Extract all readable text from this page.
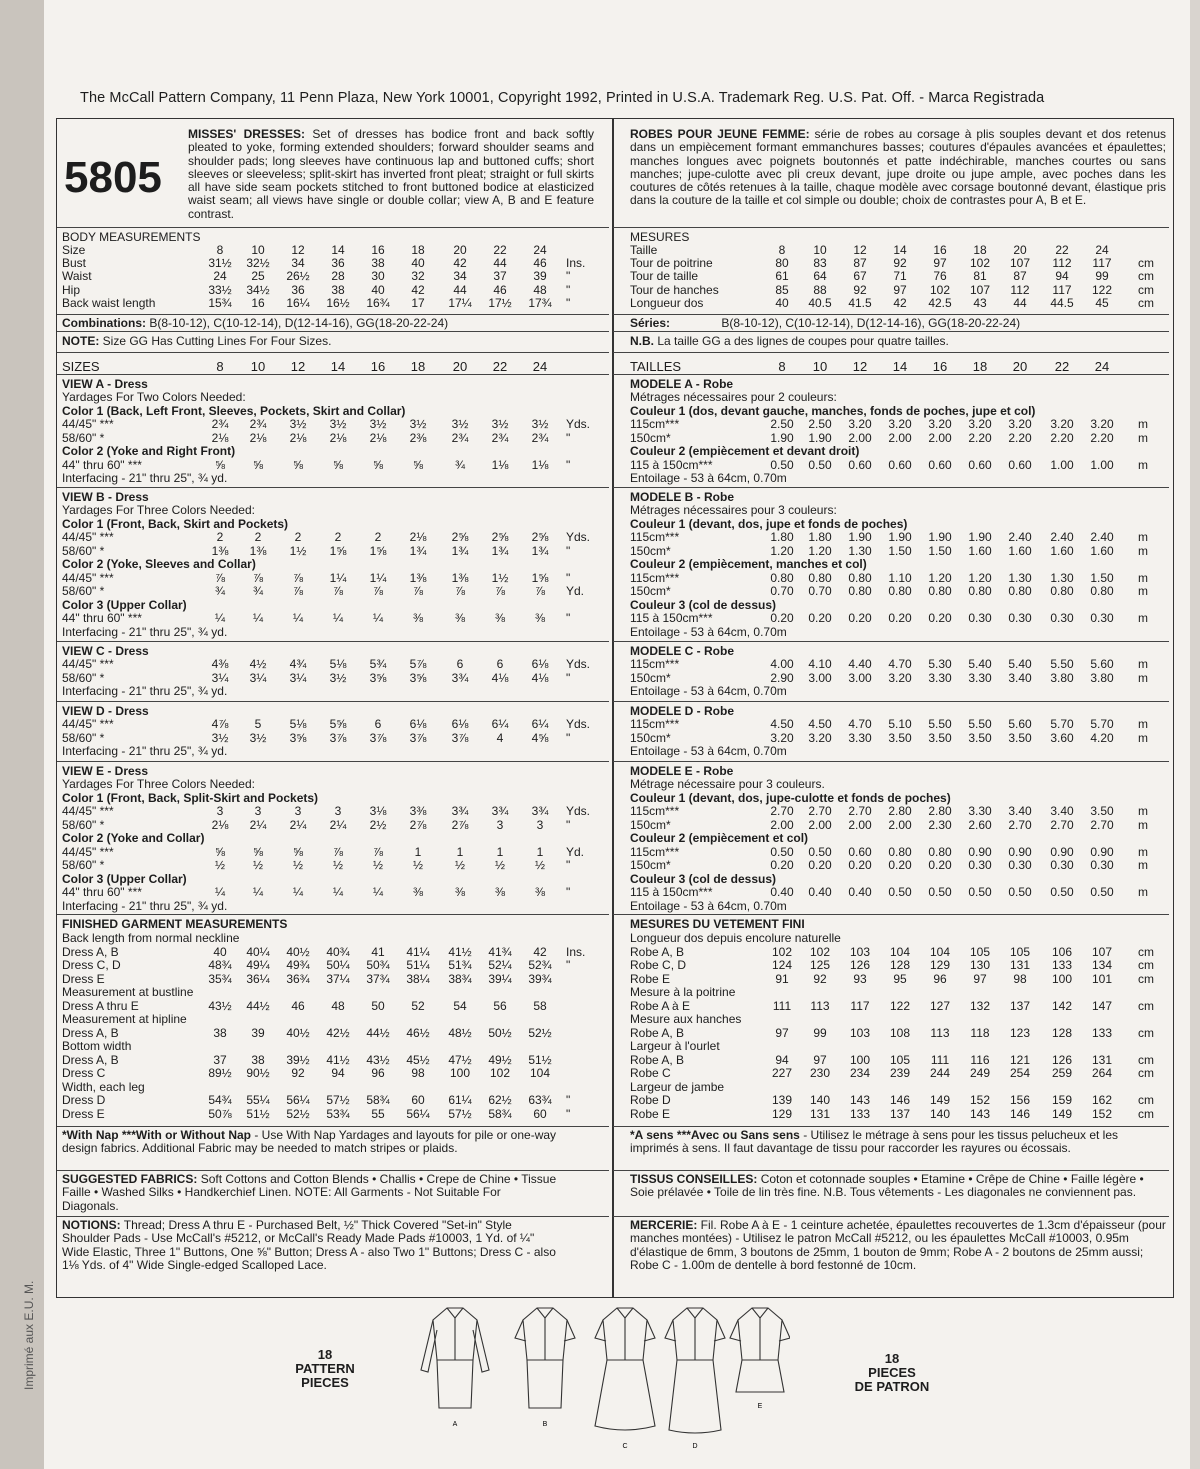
Imprimé aux E.U. M.
The McCall Pattern Company, 11 Penn Plaza, New York 10001, Copyright 1992, Printed in U.S.A. Trademark Reg. U.S. Pat. Off. - Marca Registrada
5805
A	B
C	D
E
18
PATTERN
PIECES
18
PIECES
DE PATRON
MISSES' DRESSES: Set of dresses has bodice front and back softly pleated to yoke, forming extended shoulders; forward shoulder seams and shoulder pads; long sleeves have continuous lap and buttoned cuffs; short sleeves or sleeveless; split-skirt has inverted front pleat; straight or full skirts all have side seam pockets stitched to front buttoned bodice at elasticized waist seam; all views have single or double collar; view A, B and E feature contrast.
BODY MEASUREMENTS
Size	8	10	12	14	16	18	20	22	24
Bust	31½	32½	34	36	38	40	42	44	46	Ins.
Waist	24	25	26½	28	30	32	34	37	39	"
Hip	33½	34½	36	38	40	42	44	46	48	"
Back waist length	15¾	16	16¼	16½	16¾	17	17¼	17½	17¾	"
Combinations: B(8-10-12), C(10-12-14), D(12-14-16), GG(18-20-22-24)
NOTE: Size GG Has Cutting Lines For Four Sizes.
SIZES	8	10	12	14	16	18	20	22	24
VIEW A - Dress
Yardages For Two Colors Needed:
Color 1 (Back, Left Front, Sleeves, Pockets, Skirt and Collar)
44/45" ***	2¾	2¾	3½	3½	3½	3½	3½	3½	3½	Yds.
58/60" *	2⅛	2⅛	2⅛	2⅛	2⅛	2⅜	2¾	2¾	2¾	"
Color 2 (Yoke and Right Front)
44" thru 60" ***	⅝	⅝	⅝	⅝	⅝	⅝	¾	1⅛	1⅛	"
Interfacing - 21" thru 25", ¾ yd.
VIEW B - Dress
Yardages For Three Colors Needed:
Color 1 (Front, Back, Skirt and Pockets)
44/45" ***	2	2	2	2	2	2⅛	2⅝	2⅝	2⅝	Yds.
58/60" *	1⅜	1⅜	1½	1⅝	1⅝	1¾	1¾	1¾	1¾	"
Color 2 (Yoke, Sleeves and Collar)
44/45" ***	⅞	⅞	⅞	1¼	1¼	1⅜	1⅜	1½	1⅝	"
58/60" *	¾	¾	⅞	⅞	⅞	⅞	⅞	⅞	⅞	Yd.
Color 3 (Upper Collar)
44" thru 60" ***	¼	¼	¼	¼	¼	⅜	⅜	⅜	⅜	"
Interfacing - 21" thru 25", ¾ yd.
VIEW C - Dress
44/45" ***	4⅜	4½	4¾	5⅛	5¾	5⅞	6	6	6⅛	Yds.
58/60" *	3¼	3¼	3¼	3½	3⅝	3⅝	3¾	4⅛	4⅛	"
Interfacing - 21" thru 25", ¾ yd.
VIEW D - Dress
44/45" ***	4⅞	5	5⅛	5⅝	6	6⅛	6⅛	6¼	6¼	Yds.
58/60" *	3½	3½	3⅝	3⅞	3⅞	3⅞	3⅞	4	4⅝	"
Interfacing - 21" thru 25", ¾ yd.
VIEW E - Dress
Yardages For Three Colors Needed:
Color 1 (Front, Back, Split-Skirt and Pockets)
44/45" ***	3	3	3	3	3⅛	3⅜	3¾	3¾	3¾	Yds.
58/60" *	2⅛	2¼	2¼	2¼	2½	2⅞	2⅞	3	3	"
Color 2 (Yoke and Collar)
44/45" ***	⅝	⅝	⅝	⅞	⅞	1	1	1	1	Yd.
58/60" *	½	½	½	½	½	½	½	½	½	"
Color 3 (Upper Collar)
44" thru 60" ***	¼	¼	¼	¼	¼	⅜	⅜	⅜	⅜	"
Interfacing - 21" thru 25", ¾ yd.
FINISHED GARMENT MEASUREMENTS
Back length from normal neckline
Dress A, B	40	40¼	40½	40¾	41	41¼	41½	41¾	42	Ins.
Dress C, D	48¾	49¼	49¾	50¼	50¾	51¼	51¾	52¼	52¾	"
Dress E	35¾	36¼	36¾	37¼	37¾	38¼	38¾	39¼	39¾
Measurement at bustline
Dress A thru E	43½	44½	46	48	50	52	54	56	58
Measurement at hipline
Dress A, B	38	39	40½	42½	44½	46½	48½	50½	52½
Bottom width
Dress A, B	37	38	39½	41½	43½	45½	47½	49½	51½
Dress C	89½	90½	92	94	96	98	100	102	104
Width, each leg
Dress D	54¾	55¼	56¼	57½	58¾	60	61¼	62½	63¾	"
Dress E	50⅞	51½	52½	53¾	55	56¼	57½	58¾	60	"
*With Nap ***With or Without Nap - Use With Nap Yardages and layouts for pile or one-way design fabrics. Additional Fabric may be needed to match stripes or plaids.
SUGGESTED FABRICS: Soft Cottons and Cotton Blends • Challis • Crepe de Chine • Tissue Faille • Washed Silks • Handkerchief Linen. NOTE: All Garments - Not Suitable For Diagonals.
NOTIONS: Thread; Dress A thru E - Purchased Belt, ½" Thick Covered "Set-in" Style Shoulder Pads - Use McCall's #5212, or McCall's Ready Made Pads #10003, 1 Yd. of ¼" Wide Elastic, Three 1" Buttons, One ⅝" Button; Dress A - also Two 1" Buttons; Dress C - also 1⅛ Yds. of 4" Wide Single-edged Scalloped Lace.
ROBES POUR JEUNE FEMME: série de robes au corsage à plis souples devant et dos retenus dans un empiècement formant emmanchures basses; coutures d'épaules avancées et épaulettes; manches longues avec poignets boutonnés et patte indéchirable, manches courtes ou sans manches; jupe-culotte avec pli creux devant, jupe droite ou jupe ample, avec poches dans les coutures de côtés retenues à la taille, chaque modèle avec corsage boutonné devant, élastique pris dans la couture de la taille et col simple ou double; choix de contrastes pour A, B et E.
MESURES
Taille	8	10	12	14	16	18	20	22	24
Tour de poitrine	80	83	87	92	97	102	107	112	117	cm
Tour de taille	61	64	67	71	76	81	87	94	99	cm
Tour de hanches	85	88	92	97	102	107	112	117	122	cm
Longueur dos	40	40.5	41.5	42	42.5	43	44	44.5	45	cm
Séries:	B(8-10-12), C(10-12-14), D(12-14-16), GG(18-20-22-24)
N.B. La taille GG a des lignes de coupes pour quatre tailles.
TAILLES	8	10	12	14	16	18	20	22	24
MODELE A - Robe
Métrages nécessaires pour 2 couleurs:
Couleur 1 (dos, devant gauche, manches, fonds de poches, jupe et col)
115cm***	2.50	2.50	3.20	3.20	3.20	3.20	3.20	3.20	3.20	m
150cm*	1.90	1.90	2.00	2.00	2.00	2.20	2.20	2.20	2.20	m
Couleur 2 (empiècement et devant droit)
115 à 150cm***	0.50	0.50	0.60	0.60	0.60	0.60	0.60	1.00	1.00	m
Entoilage - 53 à 64cm, 0.70m
MODELE B - Robe
Métrages nécessaires pour 3 couleurs:
Couleur 1 (devant, dos, jupe et fonds de poches)
115cm***	1.80	1.80	1.90	1.90	1.90	1.90	2.40	2.40	2.40	m
150cm*	1.20	1.20	1.30	1.50	1.50	1.60	1.60	1.60	1.60	m
Couleur 2 (empiècement, manches et col)
115cm***	0.80	0.80	0.80	1.10	1.20	1.20	1.30	1.30	1.50	m
150cm*	0.70	0.70	0.80	0.80	0.80	0.80	0.80	0.80	0.80	m
Couleur 3 (col de dessus)
115 à 150cm***	0.20	0.20	0.20	0.20	0.20	0.30	0.30	0.30	0.30	m
Entoilage - 53 à 64cm, 0.70m
MODELE C - Robe
115cm***	4.00	4.10	4.40	4.70	5.30	5.40	5.40	5.50	5.60	m
150cm*	2.90	3.00	3.00	3.20	3.30	3.30	3.40	3.80	3.80	m
Entoilage - 53 à 64cm, 0.70m
MODELE D - Robe
115cm***	4.50	4.50	4.70	5.10	5.50	5.50	5.60	5.70	5.70	m
150cm*	3.20	3.20	3.30	3.50	3.50	3.50	3.50	3.60	4.20	m
Entoilage - 53 à 64cm, 0.70m
MODELE E - Robe
Métrage nécessaire pour 3 couleurs.
Couleur 1 (devant, dos, jupe-culotte et fonds de poches)
115cm***	2.70	2.70	2.70	2.80	2.80	3.30	3.40	3.40	3.50	m
150cm*	2.00	2.00	2.00	2.00	2.30	2.60	2.70	2.70	2.70	m
Couleur 2 (empiècement et col)
115cm***	0.50	0.50	0.60	0.80	0.80	0.90	0.90	0.90	0.90	m
150cm*	0.20	0.20	0.20	0.20	0.20	0.30	0.30	0.30	0.30	m
Couleur 3 (col de dessus)
115 à 150cm***	0.40	0.40	0.40	0.50	0.50	0.50	0.50	0.50	0.50	m
Entoilage - 53 à 64cm, 0.70m
MESURES DU VETEMENT FINI
Longueur dos depuis encolure naturelle
Robe A, B	102	102	103	104	104	105	105	106	107	cm
Robe C, D	124	125	126	128	129	130	131	133	134	cm
Robe E	91	92	93	95	96	97	98	100	101	cm
Mesure à la poitrine
Robe A à E	111	113	117	122	127	132	137	142	147	cm
Mesure aux hanches
Robe A, B	97	99	103	108	113	118	123	128	133	cm
Largeur à l'ourlet
Robe A, B	94	97	100	105	111	116	121	126	131	cm
Robe C	227	230	234	239	244	249	254	259	264	cm
Largeur de jambe
Robe D	139	140	143	146	149	152	156	159	162	cm
Robe E	129	131	133	137	140	143	146	149	152	cm
*A sens ***Avec ou Sans sens - Utilisez le métrage à sens pour les tissus pelucheux et les imprimés à sens. Il faut davantage de tissu pour raccorder les rayures ou écossais.
TISSUS CONSEILLES: Coton et cotonnade souples • Etamine • Crêpe de Chine • Faille légère • Soie prélavée • Toile de lin très fine. N.B. Tous vêtements - Les diagonales ne conviennent pas.
MERCERIE: Fil. Robe A à E - 1 ceinture achetée, épaulettes recouvertes de 1.3cm d'épaisseur (pour manches montées) - Utilisez le patron McCall #5212, ou les épaulettes McCall #10003, 0.95m d'élastique de 6mm, 3 boutons de 25mm, 1 bouton de 9mm; Robe A - 2 boutons de 25mm aussi; Robe C - 1.00m de dentelle à bord festonné de 10cm.
